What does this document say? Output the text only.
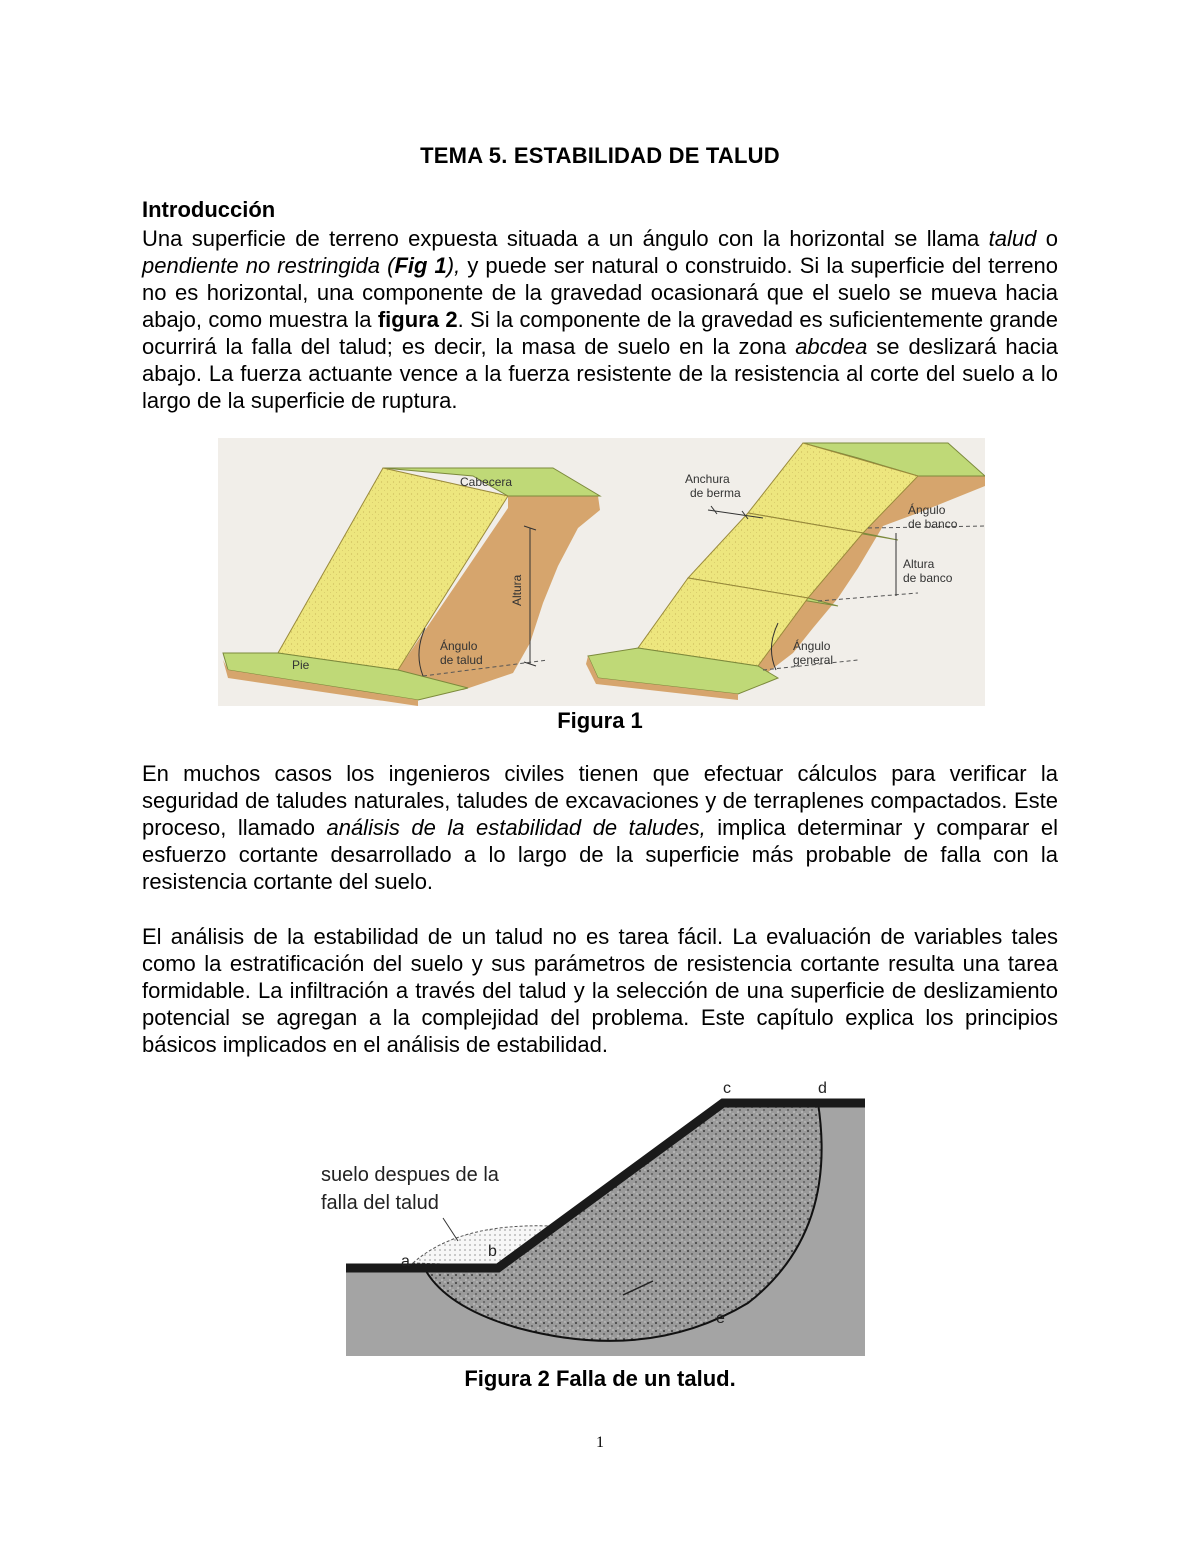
TEMA 5. ESTABILIDAD DE TALUD
Introducción

Una superficie de terreno expuesta situada a un ángulo con la horizontal se llama talud o pendiente no restringida (Fig 1), y puede ser natural o construido. Si la superficie del terreno no es horizontal, una componente de la gravedad ocasionará que el suelo se mueva hacia abajo, como muestra la figura 2. Si la componente de la gravedad es suficientemente grande ocurrirá la falla del talud; es decir, la masa de suelo en la zona abcdea se deslizará hacia abajo. La fuerza actuante vence a la fuerza resistente de la resistencia al corte del suelo a lo largo de la superficie de ruptura.

Cabecera
Altura
Pie
Ángulo
de talud
Anchura
de berma
Ángulo
de banco
Altura
de banco
Ángulo
general
Figura 1

En muchos casos los ingenieros civiles tienen que efectuar cálculos para verificar la seguridad de taludes naturales, taludes de excavaciones y de terraplenes compactados. Este proceso, llamado análisis de la estabilidad de taludes, implica determinar y comparar el esfuerzo cortante desarrollado a lo largo de la superficie más probable de falla con la resistencia cortante del suelo.

El análisis de la estabilidad de un talud no es tarea fácil. La evaluación de variables tales como la estratificación del suelo y sus parámetros de resistencia cortante resulta una tarea formidable. La infiltración a través del talud y la selección de una superficie de deslizamiento potencial se agregan a la complejidad del problema. Este capítulo explica los principios básicos implicados en el análisis de estabilidad.

suelo despues de la
falla del talud
a
b
c	d
e
Figura 2 Falla de un talud.
1
